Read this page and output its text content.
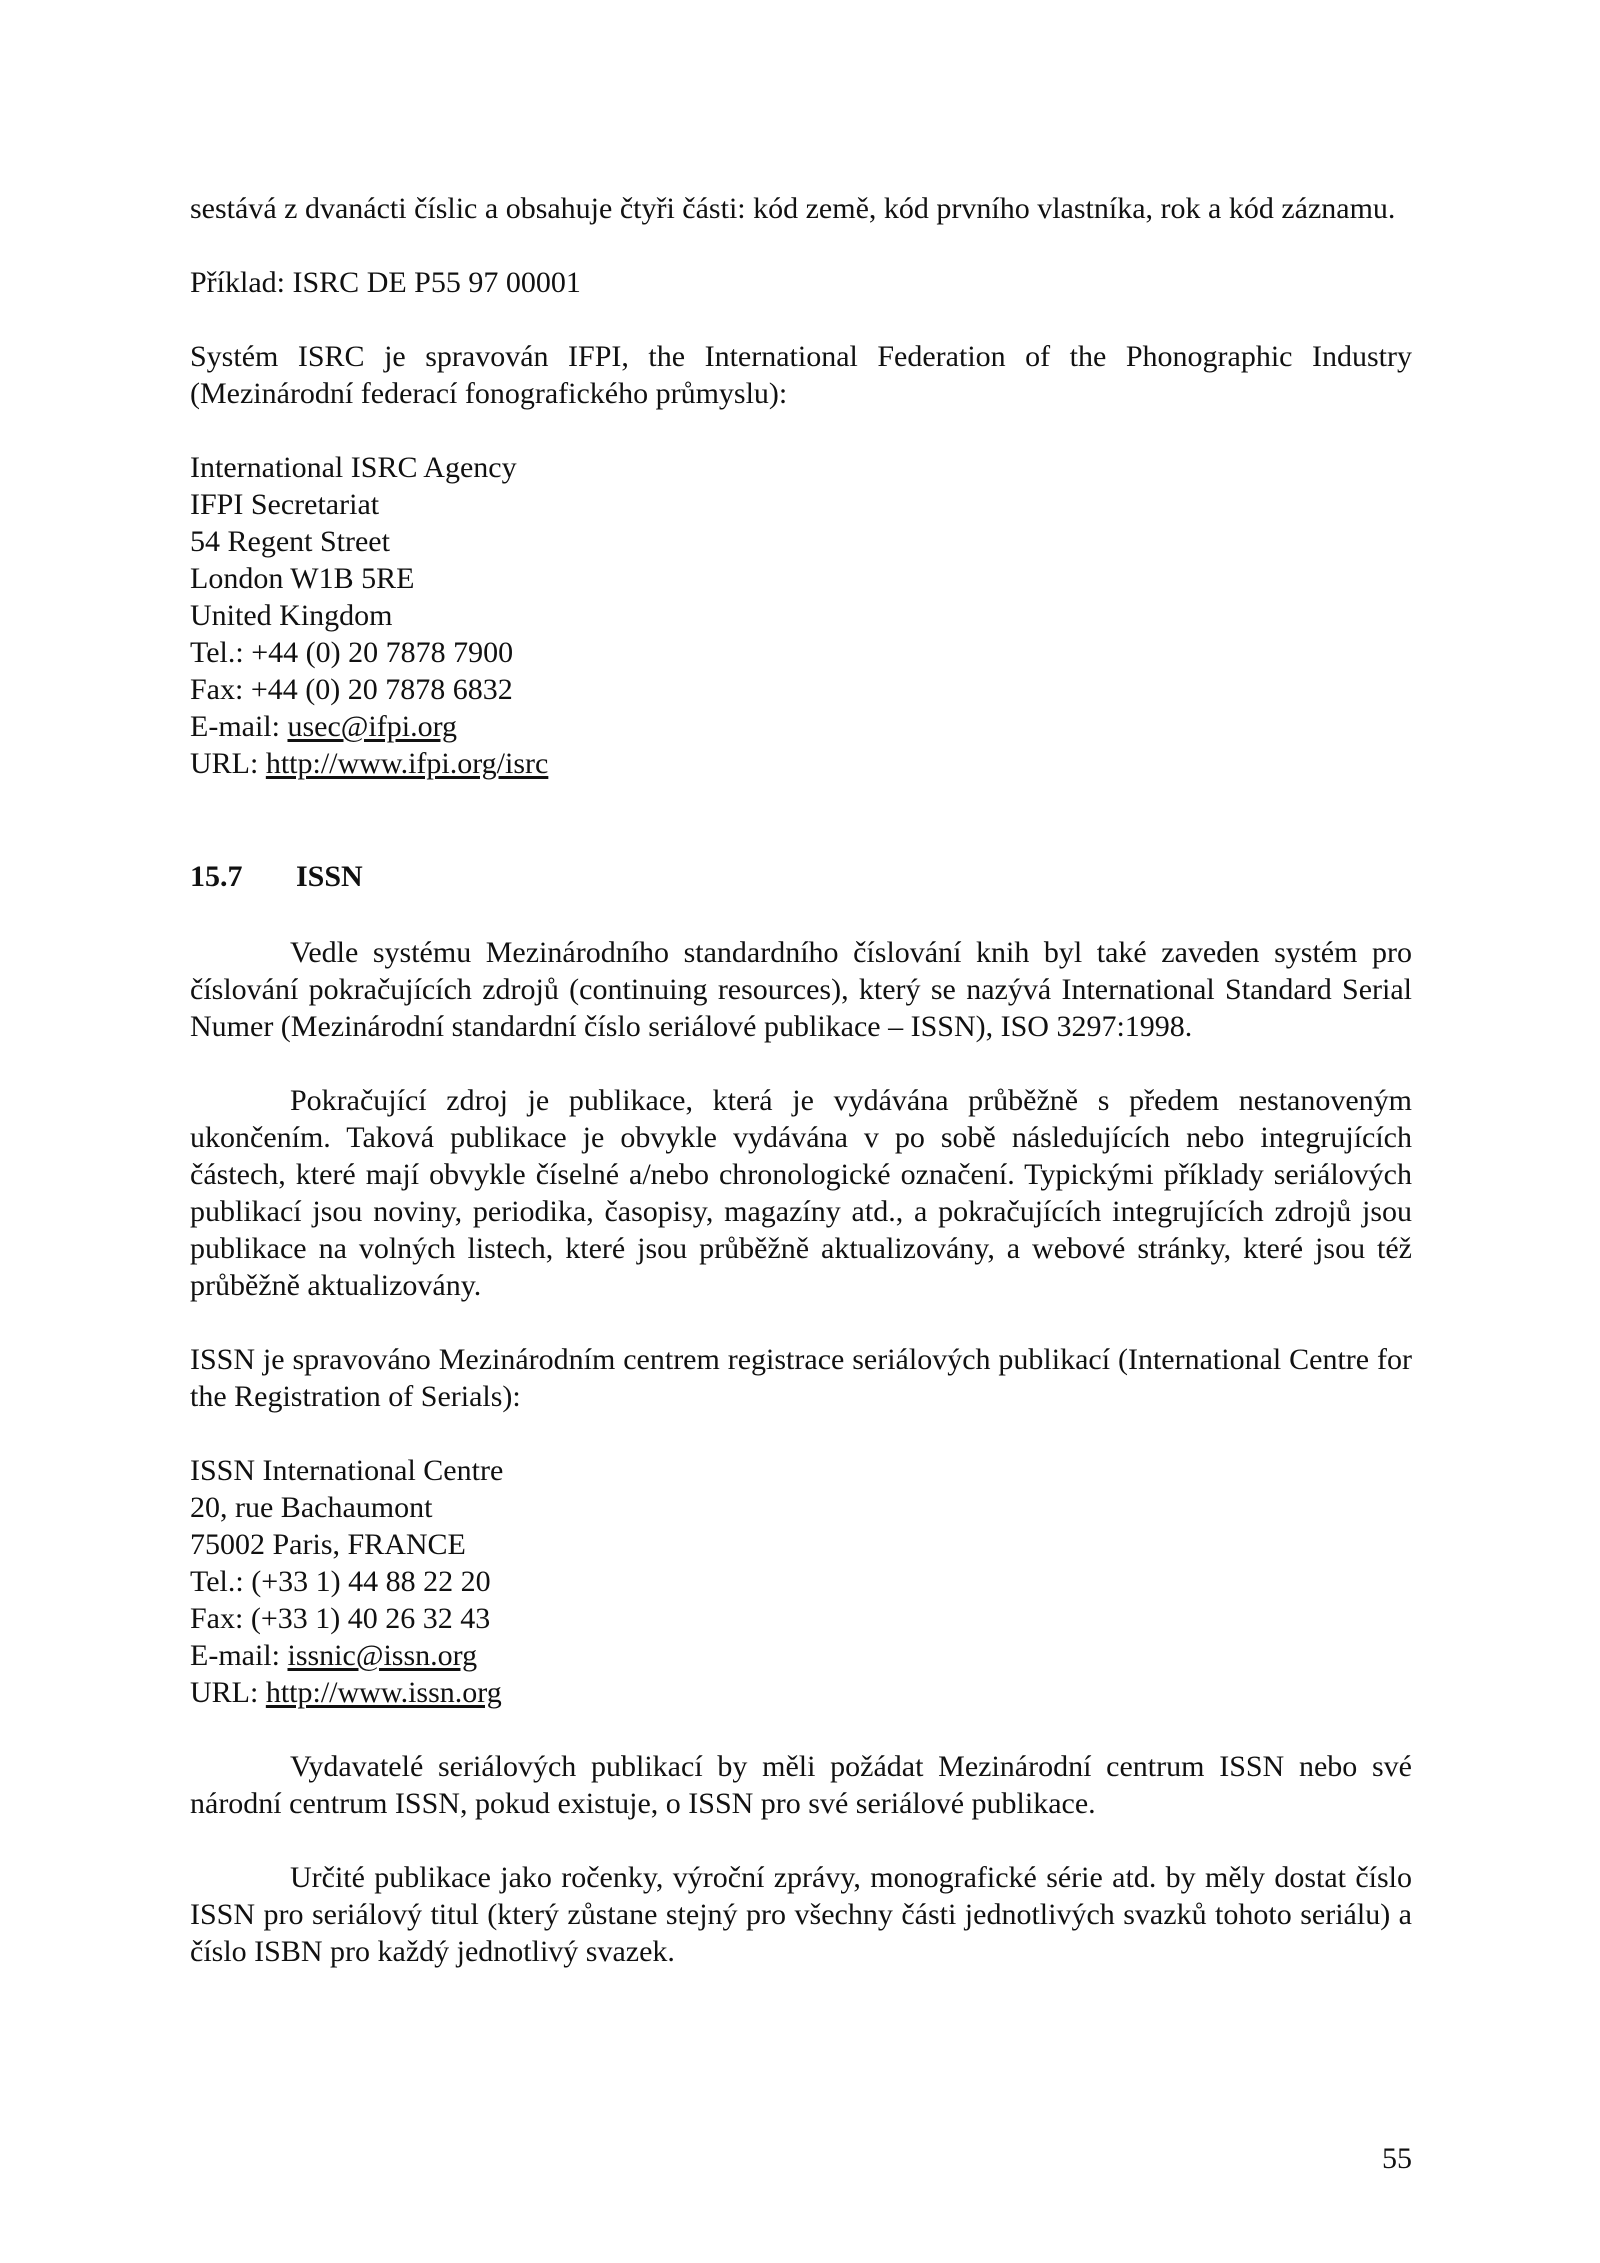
sestává z dvanácti číslic a obsahuje čtyři části: kód země, kód prvního vlastníka, rok a kód záznamu.

Příklad: ISRC DE P55 97 00001

Systém ISRC je spravován IFPI, the International Federation of the Phonographic Industry (Mezinárodní federací fonografického průmyslu):

International ISRC Agency

IFPI Secretariat

54 Regent Street

London W1B 5RE

United Kingdom

Tel.: +44 (0) 20 7878 7900

Fax: +44 (0) 20 7878 6832

E-mail: usec@ifpi.org

URL: http://www.ifpi.org/isrc

15.7	ISSN

Vedle systému Mezinárodního standardního číslování knih byl také zaveden systém pro číslování pokračujících zdrojů (continuing resources), který se nazývá International Standard Serial Numer (Mezinárodní standardní číslo seriálové publikace – ISSN), ISO 3297:1998.

Pokračující zdroj je publikace, která je vydávána průběžně s předem nestanoveným ukončením. Taková publikace je obvykle vydávána v po sobě následujících nebo integrujících částech, které mají obvykle číselné a/nebo chronologické označení. Typickými příklady seriálových publikací jsou noviny, periodika, časopisy, magazíny atd., a pokračujících integrujících zdrojů jsou publikace na volných listech, které jsou průběžně aktualizovány, a webové stránky, které jsou též průběžně aktualizovány.

ISSN je spravováno Mezinárodním centrem registrace seriálových publikací (International Centre for the Registration of Serials):

ISSN International Centre

20, rue Bachaumont

75002 Paris, FRANCE

Tel.: (+33 1) 44 88 22 20

Fax: (+33 1) 40 26 32 43

E-mail: issnic@issn.org

URL: http://www.issn.org

Vydavatelé seriálových publikací by měli požádat Mezinárodní centrum ISSN nebo své národní centrum ISSN, pokud existuje, o ISSN pro své seriálové publikace.

Určité publikace jako ročenky, výroční zprávy, monografické série atd. by měly dostat číslo ISSN pro seriálový titul (který zůstane stejný pro všechny části jednotlivých svazků tohoto seriálu) a číslo ISBN pro každý jednotlivý svazek.

55
